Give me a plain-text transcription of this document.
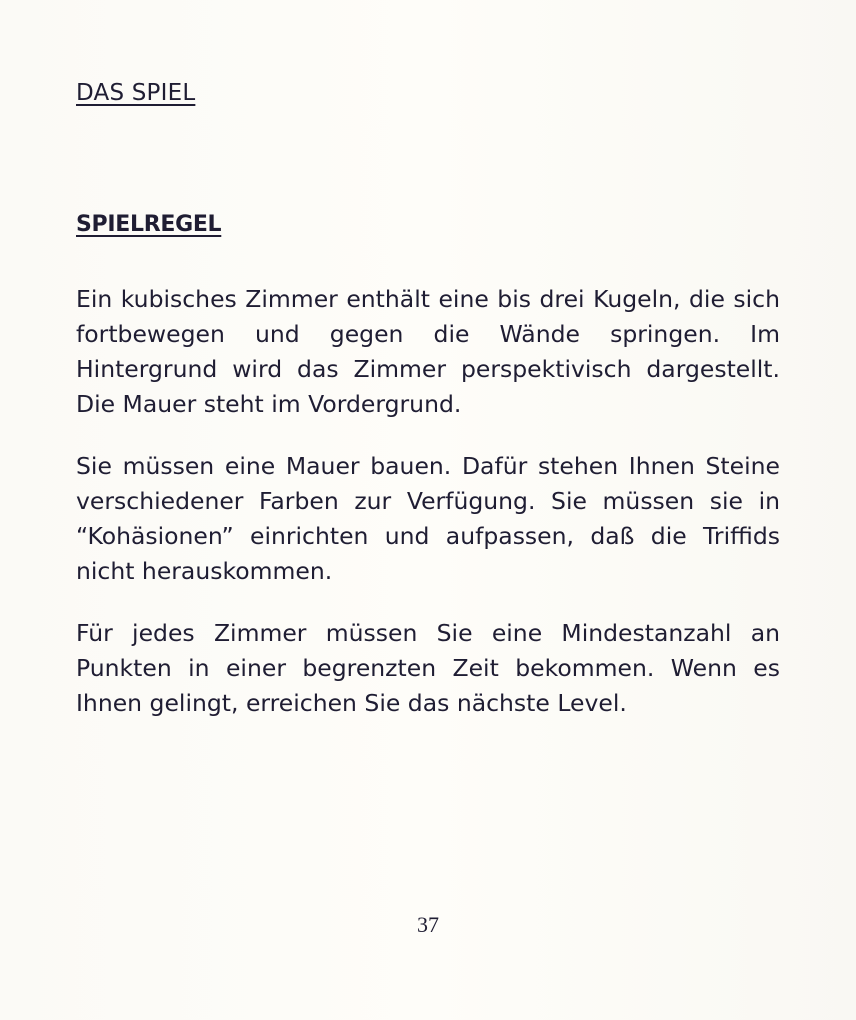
DAS SPIEL
SPIELREGEL

Ein kubisches Zimmer enthält eine bis drei Kugeln, die sich fortbewegen und gegen die Wände springen. Im Hintergrund wird das Zimmer perspektivisch dargestellt. Die Mauer steht im Vordergrund.

Sie müssen eine Mauer bauen. Dafür stehen Ihnen Steine verschiedener Farben zur Verfügung. Sie müssen sie in “Kohäsionen” einrichten und aufpassen, daß die Triffids nicht herauskommen.

Für jedes Zimmer müssen Sie eine Mindestanzahl an Punkten in einer begrenzten Zeit bekommen. Wenn es Ihnen gelingt, erreichen Sie das nächste Level.

37
